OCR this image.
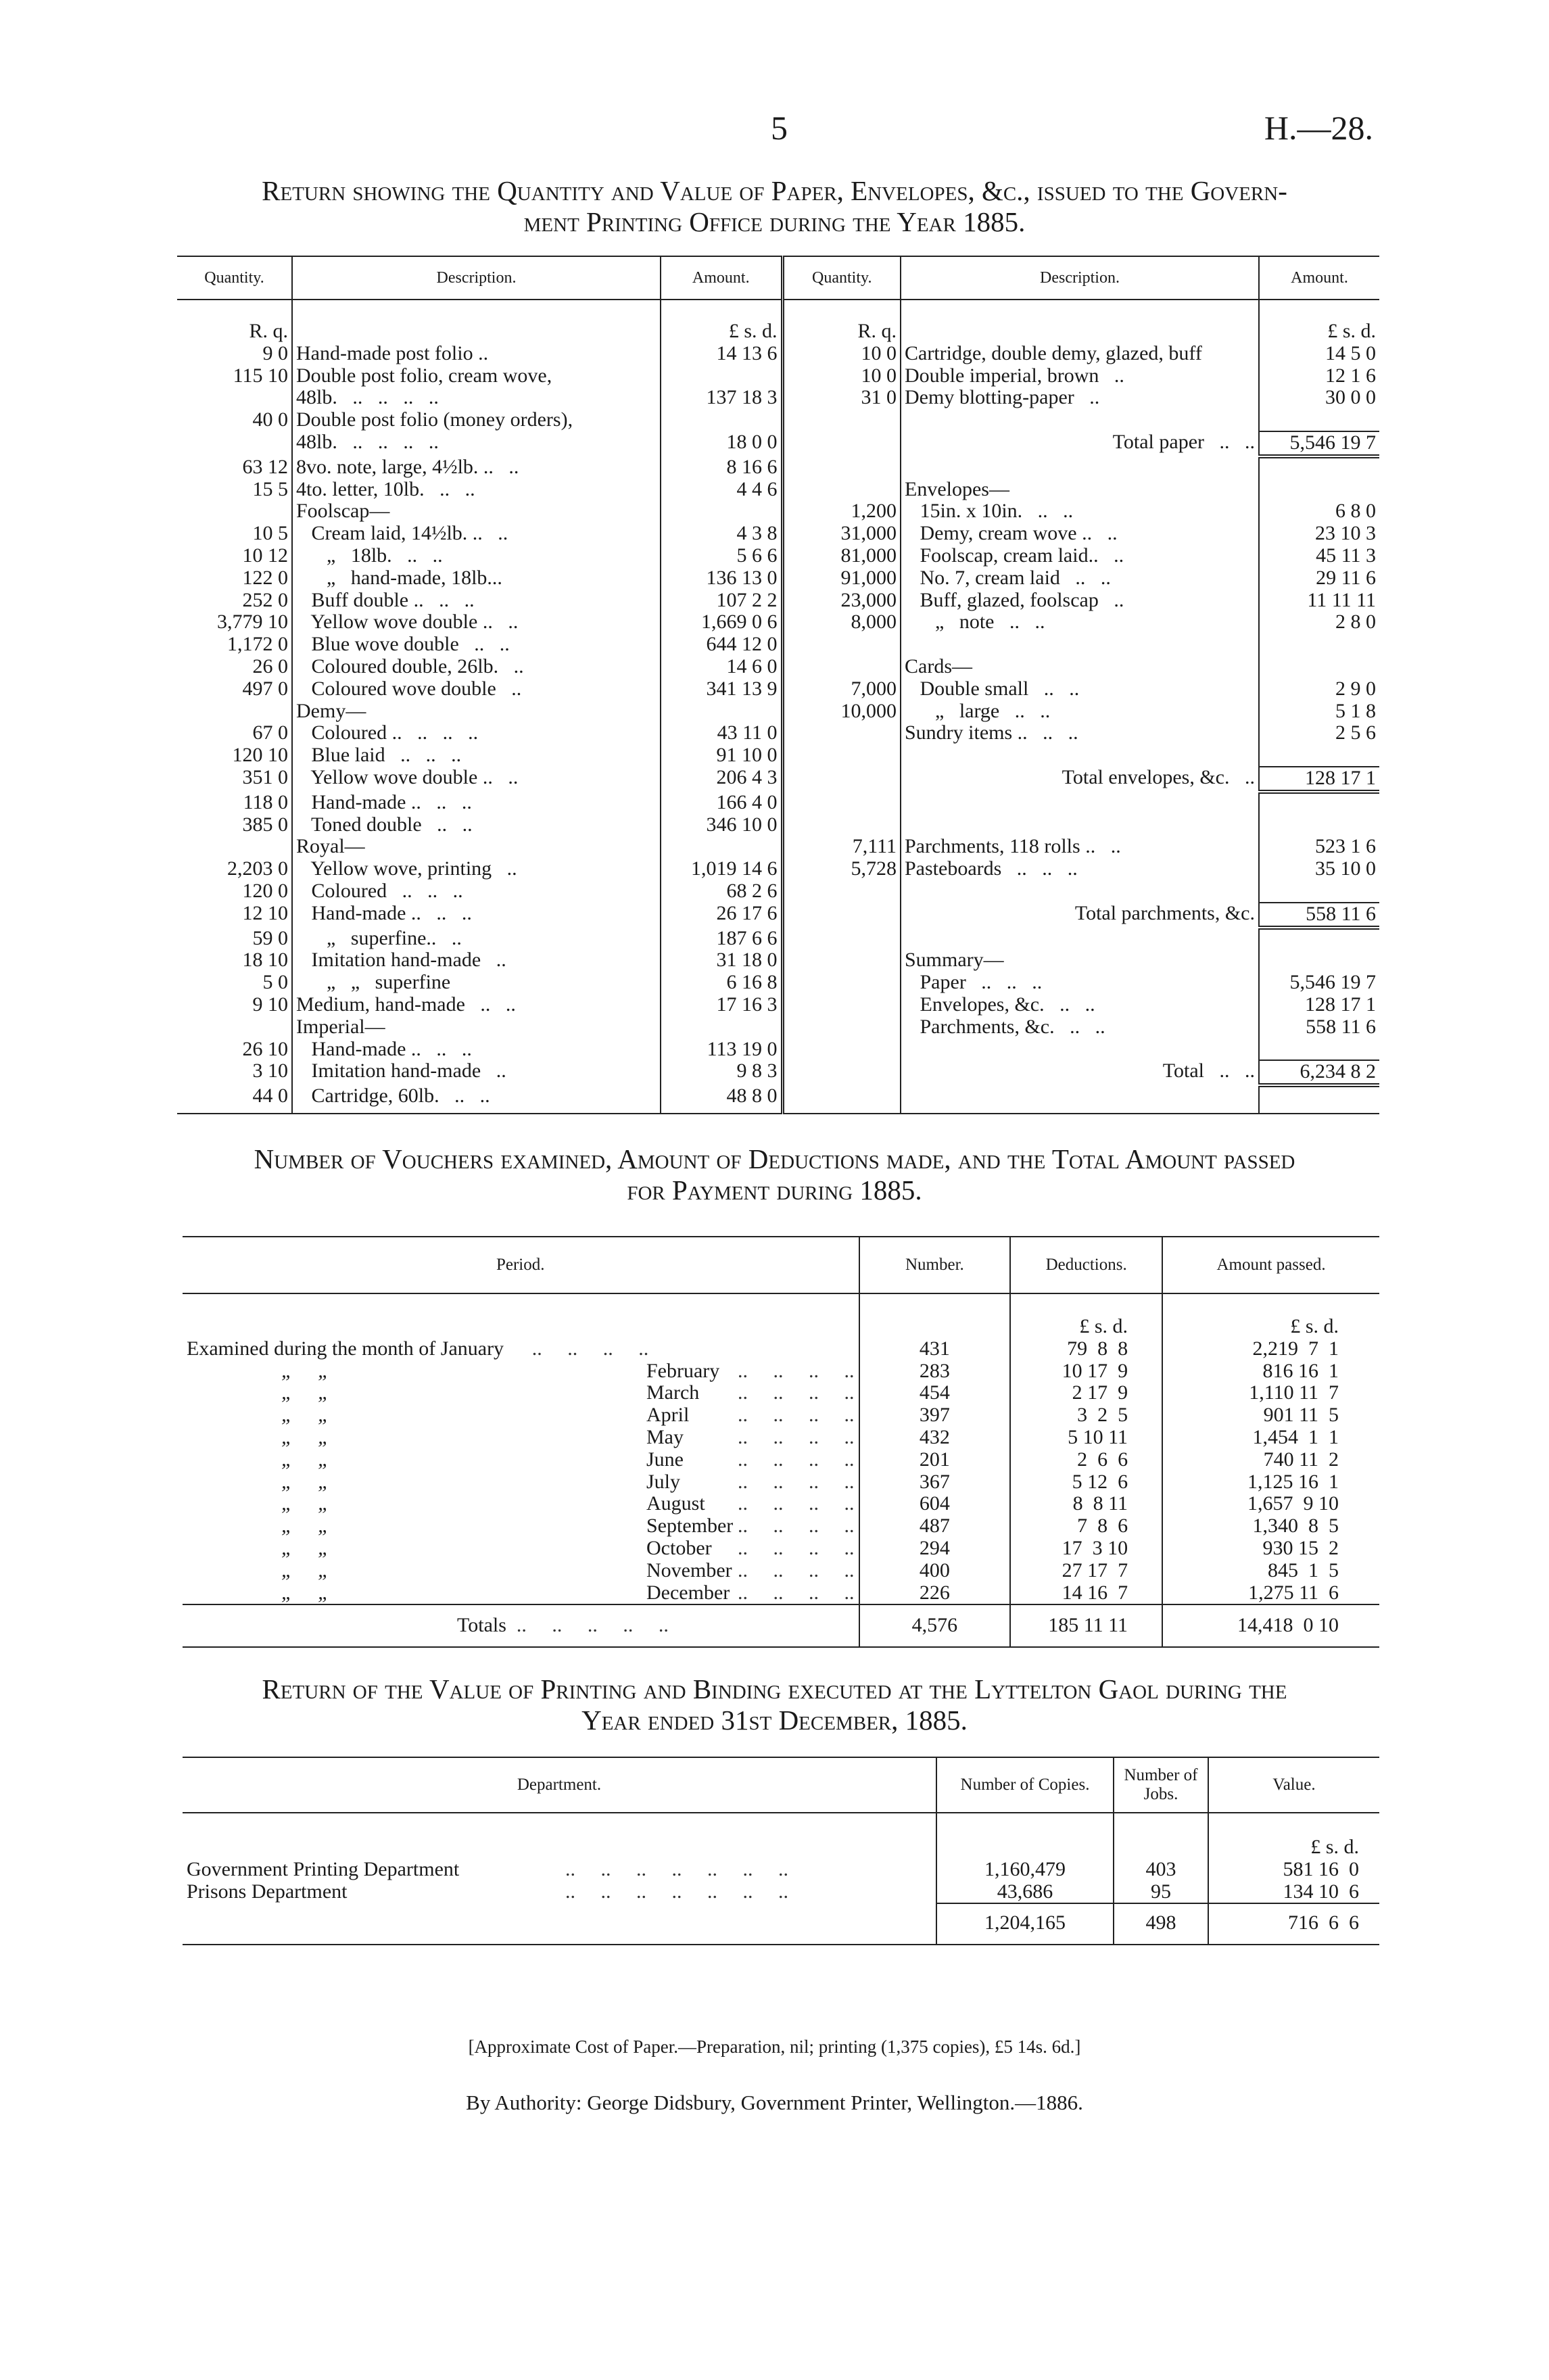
5	H.—28.
Return showing the Quantity and Value of Paper, Envelopes, &c., issued to the Govern-
ment Printing Office during the Year 1885.
Quantity.	Description.	Amount.	Quantity.	Description.	Amount.
R. q.		£ s. d.	R. q.		£ s. d.
9 0	Hand-made post folio ..	14 13 6	10 0	Cartridge, double demy, glazed, buff	14 5 0
115 10	Double post folio, cream wove,		10 0	Double imperial, brown   ..	12 1 6
	48lb.   ..   ..   ..   ..	137 18 3	31 0	Demy blotting-paper   ..	30 0 0
40 0	Double post folio (money orders),				
	48lb.   ..   ..   ..   ..	18 0 0		Total paper   ..   ..	5,546 19 7
63 12	8vo. note, large, 4½lb. ..   ..	8 16 6			
15 5	4to. letter, 10lb.   ..   ..	4 4 6		Envelopes—	
	Foolscap—		1,200	15in. x 10in.   ..   ..	6 8 0
10 5	Cream laid, 14½lb. ..   ..	4 3 8	31,000	Demy, cream wove ..   ..	23 10 3
10 12	„   18lb.   ..   ..	5 6 6	81,000	Foolscap, cream laid..   ..	45 11 3
122 0	„   hand-made, 18lb...	136 13 0	91,000	No. 7, cream laid   ..   ..	29 11 6
252 0	Buff double ..   ..   ..	107 2 2	23,000	Buff, glazed, foolscap   ..	11 11 11
3,779 10	Yellow wove double ..   ..	1,669 0 6	8,000	„   note   ..   ..	2 8 0
1,172 0	Blue wove double   ..   ..	644 12 0			
26 0	Coloured double, 26lb.   ..	14 6 0		Cards—	
497 0	Coloured wove double   ..	341 13 9	7,000	Double small   ..   ..	2 9 0
	Demy—		10,000	„   large   ..   ..	5 1 8
67 0	Coloured ..   ..   ..   ..	43 11 0		Sundry items ..   ..   ..	2 5 6
120 10	Blue laid   ..   ..   ..	91 10 0			
351 0	Yellow wove double ..   ..	206 4 3		Total envelopes, &c.   ..	128 17 1
118 0	Hand-made ..   ..   ..	166 4 0			
385 0	Toned double   ..   ..	346 10 0			
	Royal—		7,111	Parchments, 118 rolls ..   ..	523 1 6
2,203 0	Yellow wove, printing   ..	1,019 14 6	5,728	Pasteboards   ..   ..   ..	35 10 0
120 0	Coloured   ..   ..   ..	68 2 6			
12 10	Hand-made ..   ..   ..	26 17 6		Total parchments, &c.	558 11 6
59 0	„   superfine..   ..	187 6 6			
18 10	Imitation hand-made   ..	31 18 0		Summary—	
5 0	„   „   superfine	6 16 8		Paper   ..   ..   ..	5,546 19 7
9 10	Medium, hand-made   ..   ..	17 16 3		Envelopes, &c.   ..   ..	128 17 1
	Imperial—			Parchments, &c.   ..   ..	558 11 6
26 10	Hand-made ..   ..   ..	113 19 0			
3 10	Imitation hand-made   ..	9 8 3		Total   ..   ..	6,234 8 2
44 0	Cartridge, 60lb.   ..   ..	48 8 0			

Number of Vouchers examined, Amount of Deductions made, and the Total Amount passed
for Payment during 1885.
Period.	Number.	Deductions.	Amount passed.
		£ s. d.	£ s. d.
Examined during the month of January  ..     ..     ..     ..	431	79  8  8	2,219  7  1
„     „ February  ..     ..     ..     ..	283	10 17  9	816 16  1
„     „ March  ..     ..     ..     ..	454	2 17  9	1,110 11  7
„     „ April  ..     ..     ..     ..	397	3  2  5	901 11  5
„     „ May  ..     ..     ..     ..	432	5 10 11	1,454  1  1
„     „ June  ..     ..     ..     ..	201	2  6  6	740 11  2
„     „ July  ..     ..     ..     ..	367	5 12  6	1,125 16  1
„     „ August  ..     ..     ..     ..	604	8  8 11	1,657  9 10
„     „ September  ..     ..     ..     ..	487	7  8  6	1,340  8  5
„     „ October  ..     ..     ..     ..	294	17  3 10	930 15  2
„     „ November  ..     ..     ..     ..	400	27 17  7	845  1  5
„     „ December  ..     ..     ..     ..	226	14 16  7	1,275 11  6
Totals  ..     ..     ..     ..     ..	4,576	185 11 11	14,418  0 10
Return of the Value of Printing and Binding executed at the Lyttelton Gaol during the
Year ended 31st December, 1885.
Department.	Number of Copies.	Number of Jobs.	Value.
			£ s. d.
Government Printing Department ..     ..     ..     ..     ..     ..     ..	1,160,479	403	581 16  0
Prisons Department ..     ..     ..     ..     ..     ..     ..	43,686	95	134 10  6
	1,204,165	498	716  6  6
[Approximate Cost of Paper.—Preparation, nil; printing (1,375 copies), £5 14s. 6d.]
By Authority: George Didsbury, Government Printer, Wellington.—1886.
